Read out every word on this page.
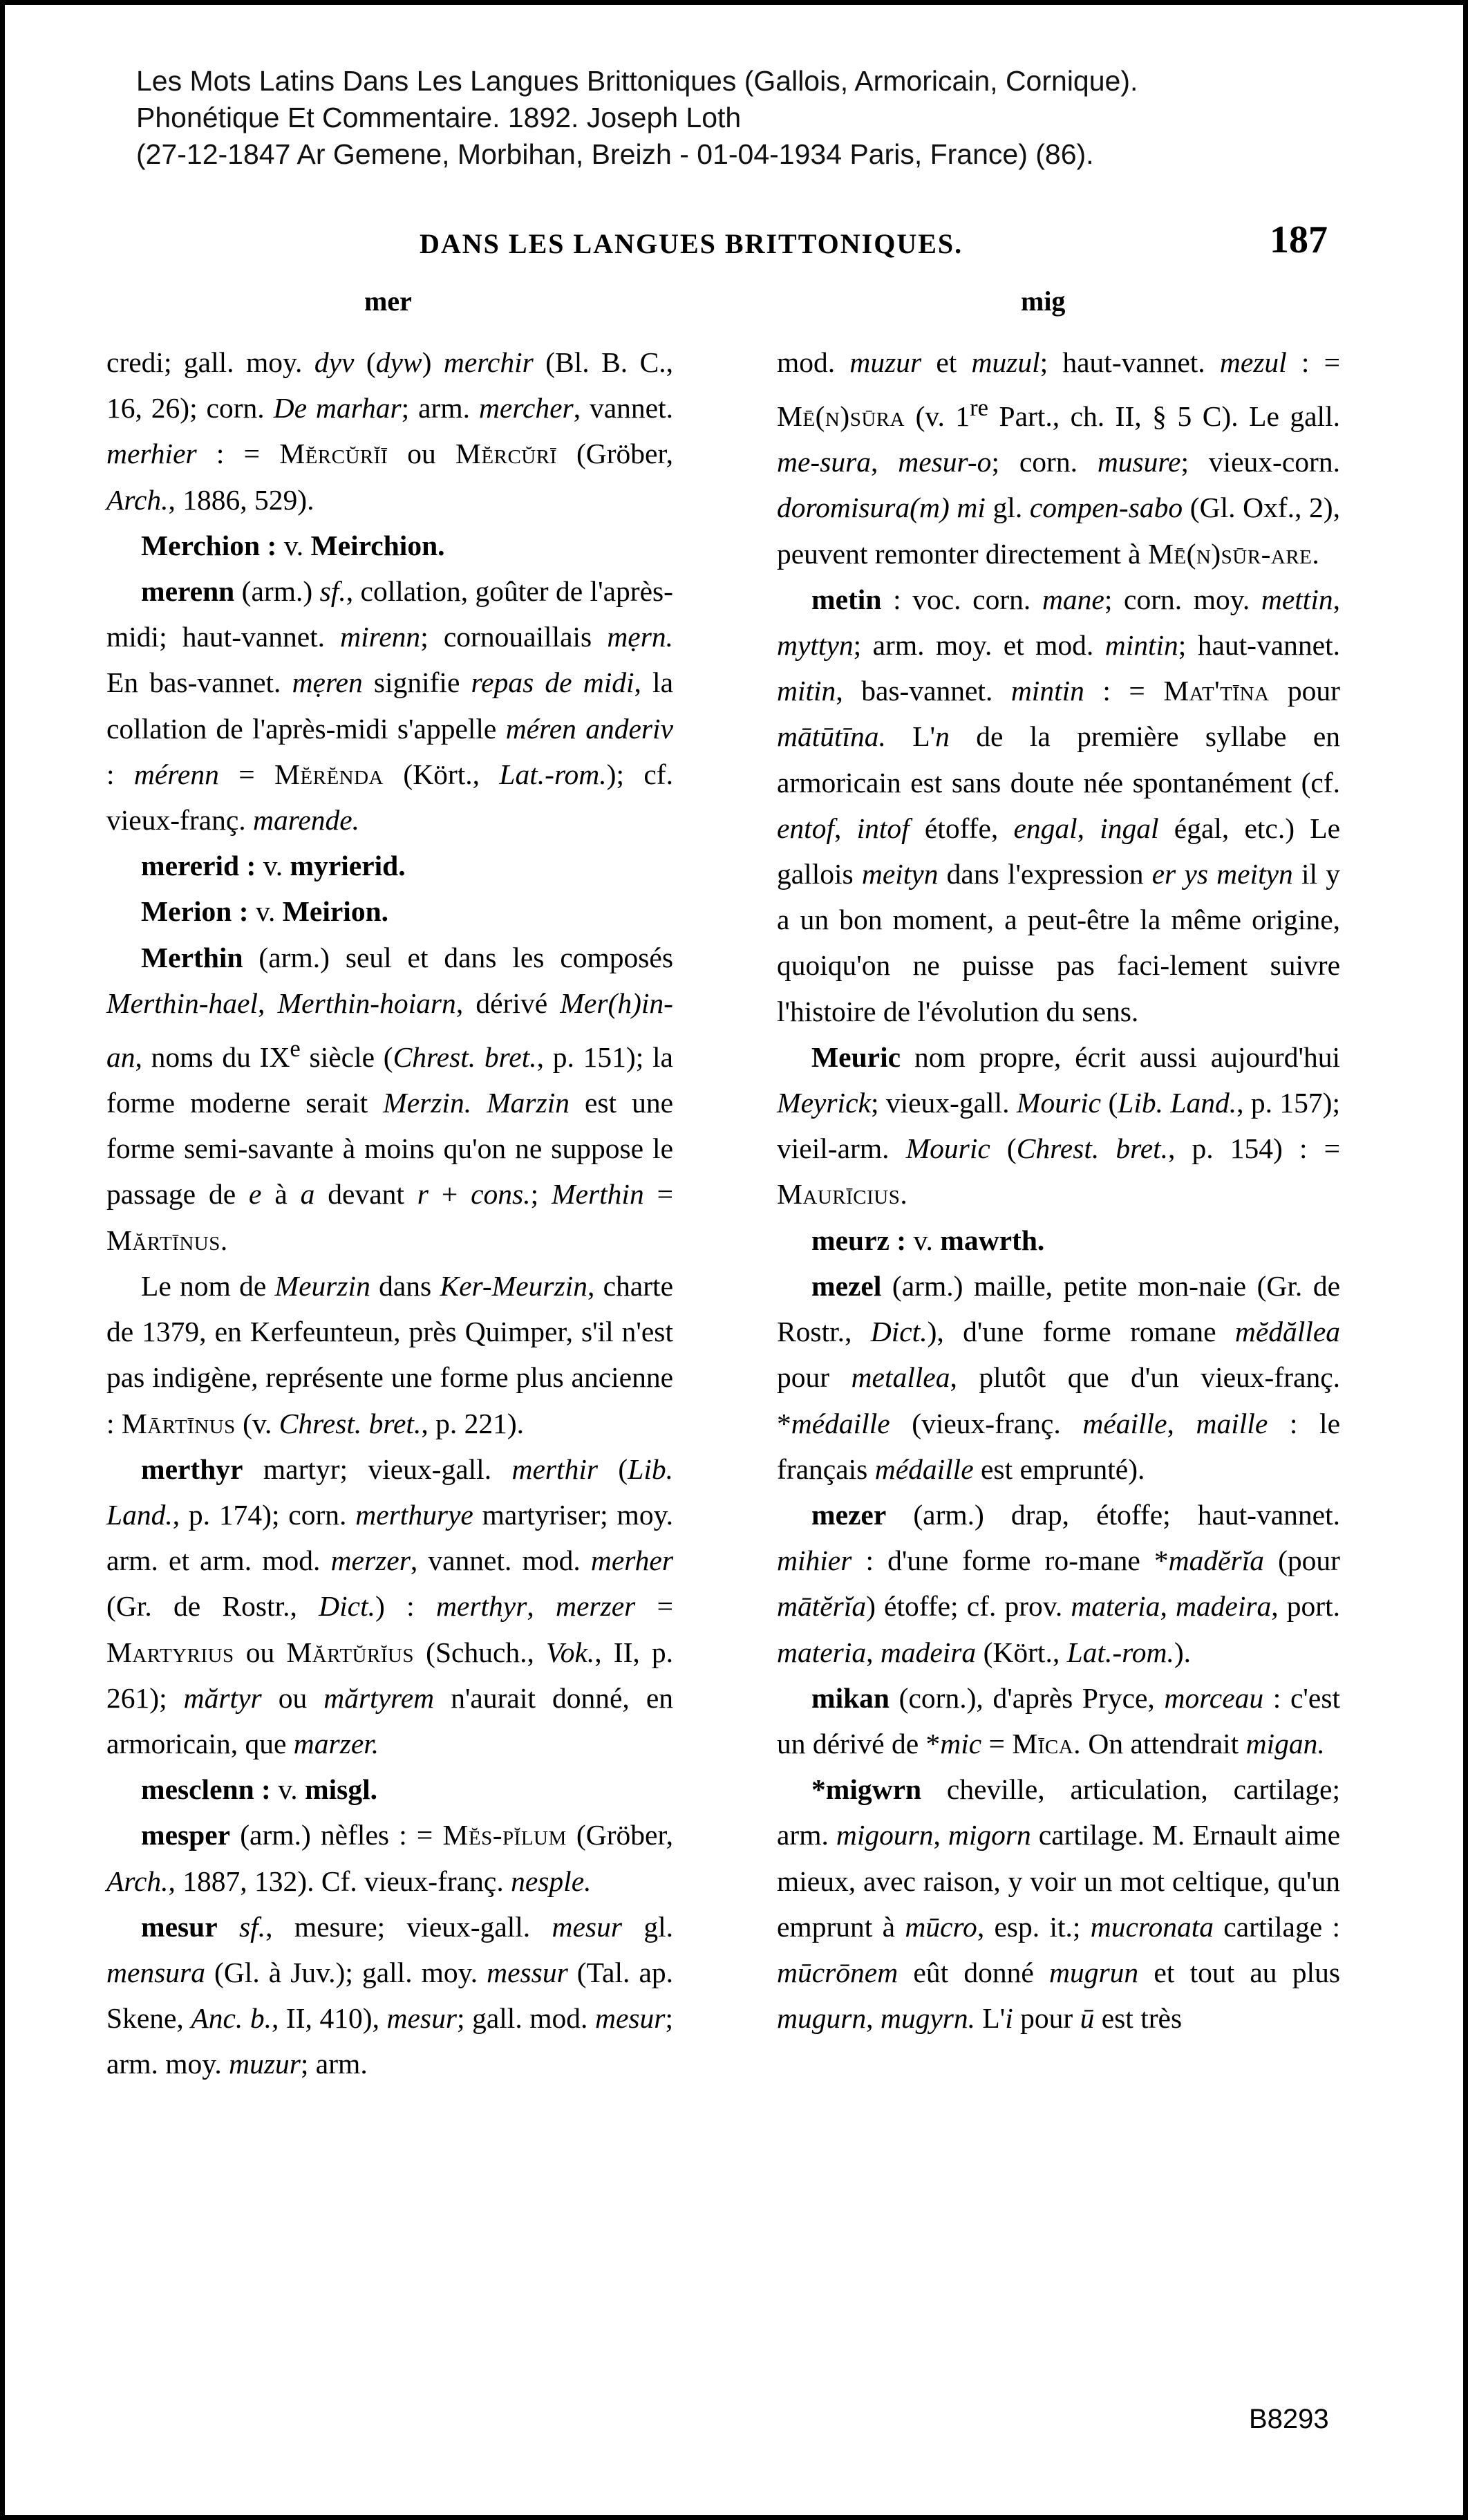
Les Mots Latins Dans Les Langues Brittoniques (Gallois, Armoricain, Cornique).
Phonétique Et Commentaire. 1892. Joseph Loth
(27-12-1847 Ar Gemene, Morbihan, Breizh - 01-04-1934 Paris, France) (86).
DANS LES LANGUES BRITTONIQUES.	187
mer	mig

credi; gall. moy. dyv (dyw) merchir (Bl. B. C., 16, 26); corn. De marhar; arm. mercher, vannet. merhier : = Mĕrcŭrĭī ou Mĕrcŭrī (Gröber, Arch., 1886, 529).

Merchion : v. Meirchion.

merenn (arm.) sf., collation, goûter de l'après-midi; haut-vannet. mirenn; cornouaillais mẹrn. En bas-vannet. mẹren signifie repas de midi, la collation de l'après-midi s'appelle méren anderiv : mérenn = Mĕrĕnda (Kört., Lat.-rom.); cf. vieux-franç. marende.

mererid : v. myrierid.

Merion : v. Meirion.

Merthin (arm.) seul et dans les composés Merthin-hael, Merthin-hoiarn, dérivé Mer(h)in-an, noms du IXe siècle (Chrest. bret., p. 151); la forme moderne serait Merzin. Marzin est une forme semi-savante à moins qu'on ne suppose le passage de e à a devant r + cons.; Merthin = Mărtīnus.

Le nom de Meurzin dans Ker-Meurzin, charte de 1379, en Kerfeunteun, près Quimper, s'il n'est pas indigène, représente une forme plus ancienne : Mārtīnus (v. Chrest. bret., p. 221).

merthyr martyr; vieux-gall. merthir (Lib. Land., p. 174); corn. merthurye martyriser; moy. arm. et arm. mod. merzer, vannet. mod. merher (Gr. de Rostr., Dict.) : merthyr, merzer = Martyrius ou Mărtŭrĭus (Schuch., Vok., II, p. 261); mărtyr ou mărtyrem n'aurait donné, en armoricain, que marzer.

mesclenn : v. misgl.

mesper (arm.) nèfles : = Mĕs-pĭlum (Gröber, Arch., 1887, 132). Cf. vieux-franç. nesple.

mesur sf., mesure; vieux-gall. mesur gl. mensura (Gl. à Juv.); gall. moy. messur (Tal. ap. Skene, Anc. b., II, 410), mesur; gall. mod. mesur; arm. moy. muzur; arm.

mod. muzur et muzul; haut-vannet. mezul : = Mē(n)sūra (v. 1re Part., ch. II, § 5 C). Le gall. me-sura, mesur-o; corn. musure; vieux-corn. doromisura(m) mi gl. compen-sabo (Gl. Oxf., 2), peuvent remonter directement à Mē(n)sūr-are.

metin : voc. corn. mane; corn. moy. mettin, myttyn; arm. moy. et mod. mintin; haut-vannet. mitin, bas-vannet. mintin : = Mat'tīna pour mātūtīna. L'n de la première syllabe en armoricain est sans doute née spontanément (cf. entof, intof étoffe, engal, ingal égal, etc.) Le gallois meityn dans l'expression er ys meityn il y a un bon moment, a peut-être la même origine, quoiqu'on ne puisse pas faci-lement suivre l'histoire de l'évolution du sens.

Meuric nom propre, écrit aussi aujourd'hui Meyrick; vieux-gall. Mouric (Lib. Land., p. 157); vieil-arm. Mouric (Chrest. bret., p. 154) : = Maurīcius.

meurz : v. mawrth.

mezel (arm.) maille, petite mon-naie (Gr. de Rostr., Dict.), d'une forme romane mĕdăllea pour metallea, plutôt que d'un vieux-franç. *médaille (vieux-franç. méaille, maille : le français médaille est emprunté).

mezer (arm.) drap, étoffe; haut-vannet. mihier : d'une forme ro-mane *madĕrĭa (pour mātĕrĭa) étoffe; cf. prov. materia, madeira, port. materia, madeira (Kört., Lat.-rom.).

mikan (corn.), d'après Pryce, morceau : c'est un dérivé de *mic = Mīca. On attendrait migan.

*migwrn cheville, articulation, cartilage; arm. migourn, migorn cartilage. M. Ernault aime mieux, avec raison, y voir un mot celtique, qu'un emprunt à mūcro, esp. it.; mucronata cartilage : mūcrōnem eût donné mugrun et tout au plus mugurn, mugyrn. L'i pour ū est très

B8293
